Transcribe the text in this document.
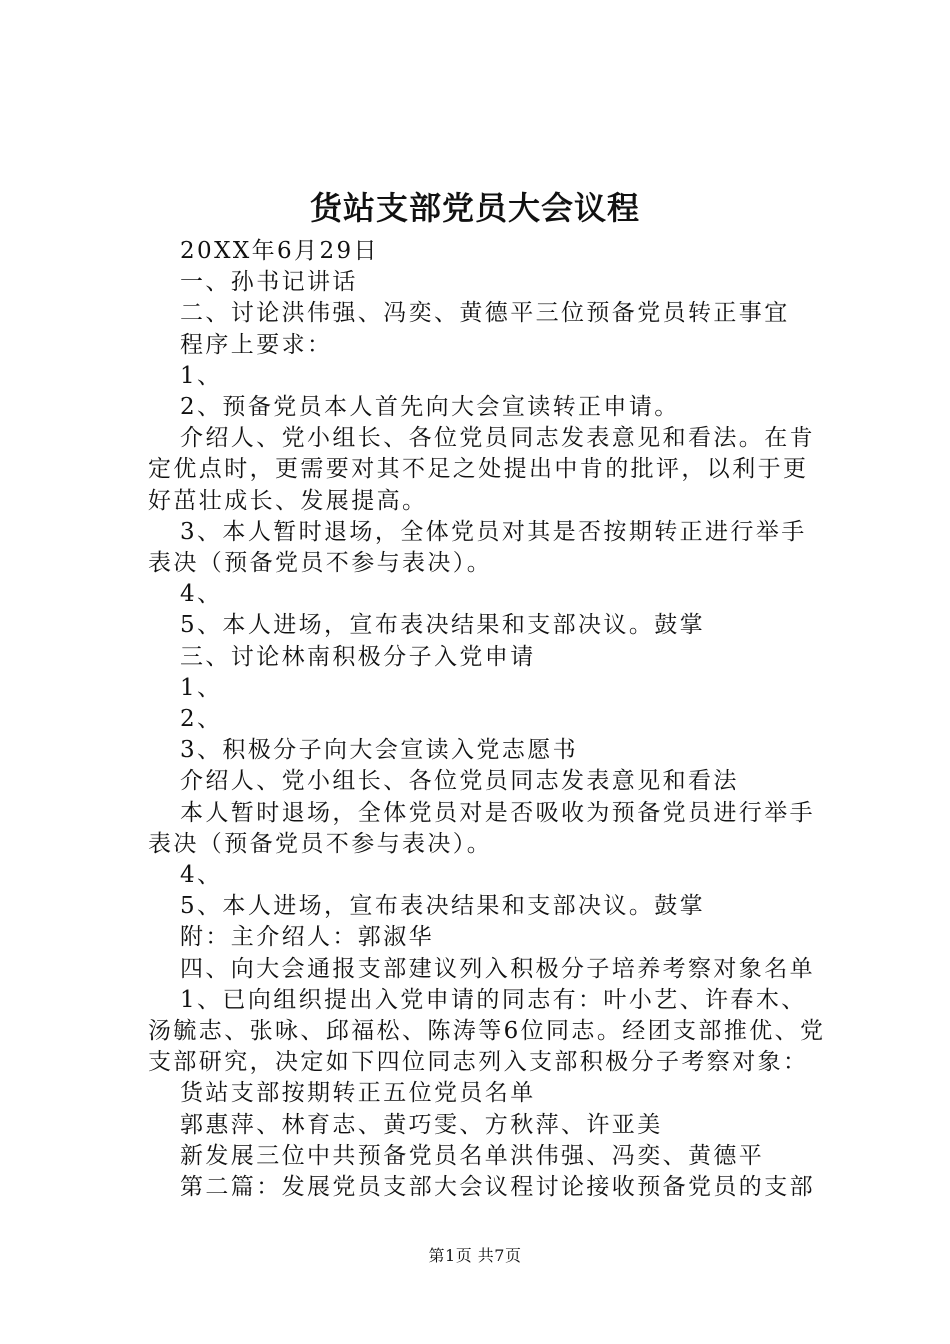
货站支部党员大会议程

20XX年6月29日

一、孙书记讲话

二、讨论洪伟强、冯奕、黄德平三位预备党员转正事宜

程序上要求：

1、

2、预备党员本人首先向大会宣读转正申请。

介绍人、党小组长、各位党员同志发表意见和看法。在肯定优点时，更需要对其不足之处提出中肯的批评，以利于更好茁壮成长、发展提高。

3、本人暂时退场，全体党员对其是否按期转正进行举手表决（预备党员不参与表决）。

4、

5、本人进场，宣布表决结果和支部决议。鼓掌

三、讨论林南积极分子入党申请

1、

2、

3、积极分子向大会宣读入党志愿书

介绍人、党小组长、各位党员同志发表意见和看法

本人暂时退场，全体党员对是否吸收为预备党员进行举手表决（预备党员不参与表决）。

4、

5、本人进场，宣布表决结果和支部决议。鼓掌

附：主介绍人：郭淑华

四、向大会通报支部建议列入积极分子培养考察对象名单

1、已向组织提出入党申请的同志有：叶小艺、许春木、汤毓志、张咏、邱福松、陈涛等6位同志。经团支部推优、党支部研究，决定如下四位同志列入支部积极分子考察对象：

货站支部按期转正五位党员名单

郭惠萍、林育志、黄巧雯、方秋萍、许亚美

新发展三位中共预备党员名单洪伟强、冯奕、黄德平

第二篇：发展党员支部大会议程讨论接收预备党员的支部

第1页 共7页
